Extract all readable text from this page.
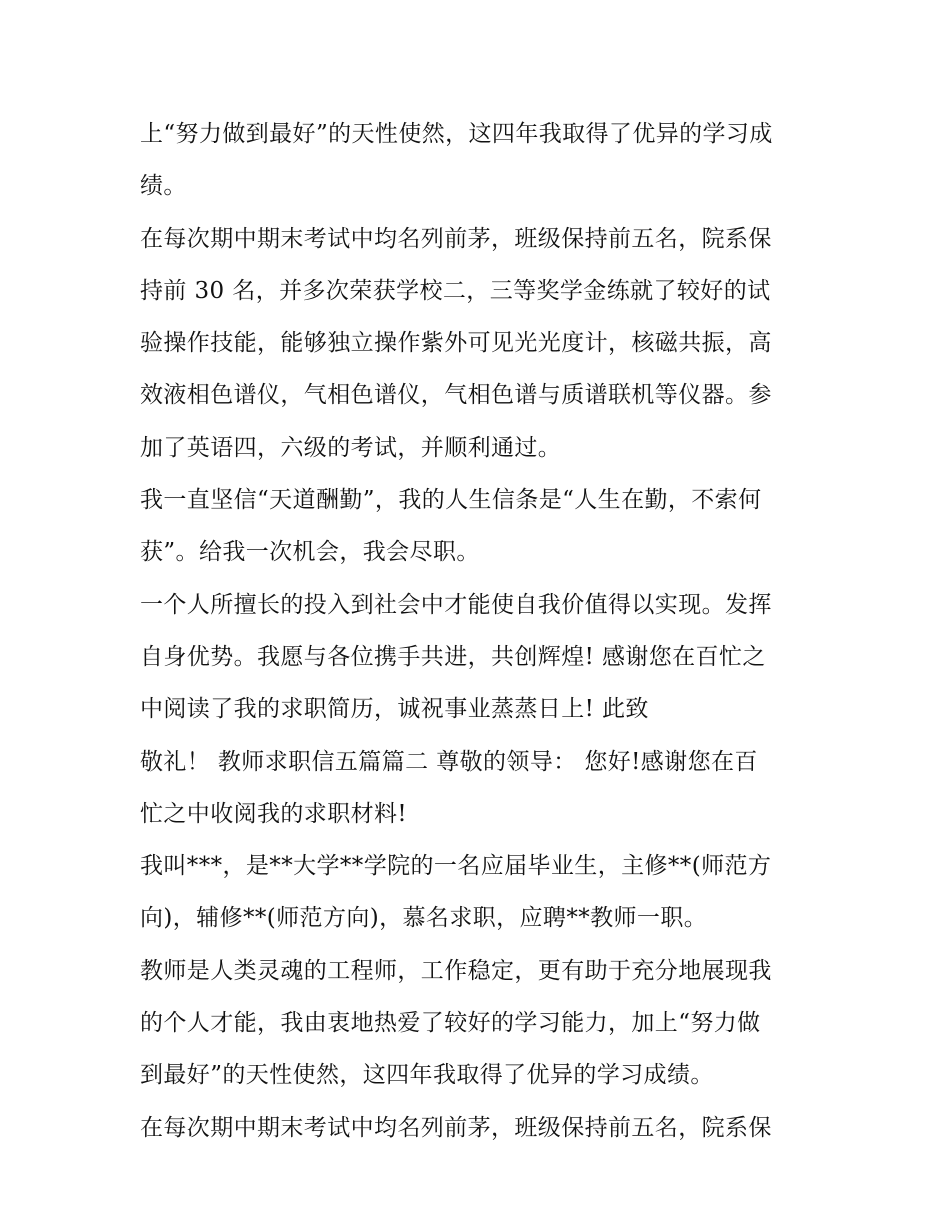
上“努力做到最好”的天性使然，这四年我取得了优异的学习成
绩。
在每次期中期末考试中均名列前茅，班级保持前五名，院系保
持前 30 名，并多次荣获学校二，三等奖学金练就了较好的试
验操作技能，能够独立操作紫外可见光光度计，核磁共振，高
效液相色谱仪，气相色谱仪，气相色谱与质谱联机等仪器。参
加了英语四，六级的考试，并顺利通过。
我一直坚信“天道酬勤”，我的人生信条是“人生在勤，不索何
获”。给我一次机会，我会尽职。
一个人所擅长的投入到社会中才能使自我价值得以实现。发挥
自身优势。我愿与各位携手共进，共创辉煌! 感谢您在百忙之
中阅读了我的求职简历，诚祝事业蒸蒸日上! 此致
敬礼！ 教师求职信五篇篇二 尊敬的领导： 您好!感谢您在百
忙之中收阅我的求职材料!
我叫***，是**大学**学院的一名应届毕业生，主修**(师范方
向)，辅修**(师范方向)，慕名求职，应聘**教师一职。
教师是人类灵魂的工程师，工作稳定，更有助于充分地展现我
的个人才能，我由衷地热爱了较好的学习能力，加上“努力做
到最好”的天性使然，这四年我取得了优异的学习成绩。
在每次期中期末考试中均名列前茅，班级保持前五名，院系保
